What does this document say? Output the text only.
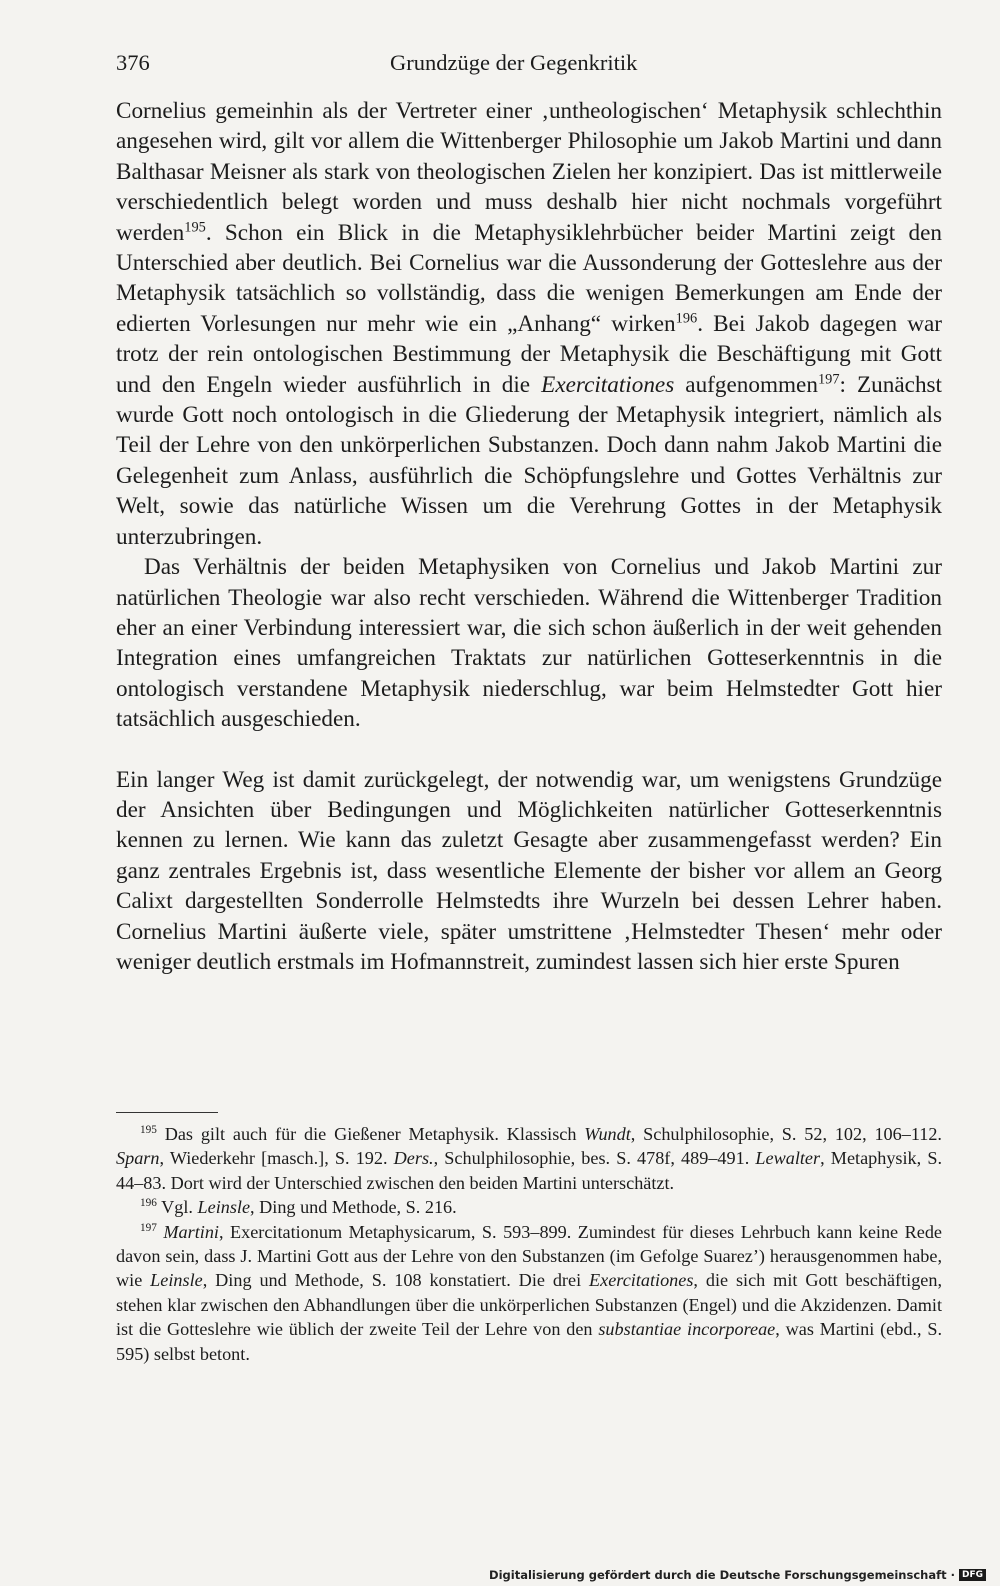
376	Grundzüge der Gegenkritik

Cornelius gemeinhin als der Vertreter einer ‚untheologischen‘ Metaphysik schlechthin angesehen wird, gilt vor allem die Wittenberger Philosophie um Jakob Martini und dann Balthasar Meisner als stark von theologischen Zielen her konzipiert. Das ist mittlerweile verschiedentlich belegt worden und muss deshalb hier nicht nochmals vorgeführt werden$^{195}$. Schon ein Blick in die Metaphysiklehrbücher beider Martini zeigt den Unterschied aber deutlich. Bei Cornelius war die Aussonderung der Gotteslehre aus der Metaphysik tatsächlich so vollständig, dass die wenigen Bemerkungen am Ende der edierten Vorlesungen nur mehr wie ein „Anhang“ wirken$^{196}$. Bei Jakob dagegen war trotz der rein ontologischen Bestimmung der Metaphysik die Beschäftigung mit Gott und den Engeln wieder ausführlich in die Exercitationes aufgenommen$^{197}$: Zunächst wurde Gott noch ontologisch in die Gliederung der Metaphysik integriert, nämlich als Teil der Lehre von den unkörperlichen Substanzen. Doch dann nahm Jakob Martini die Gelegenheit zum Anlass, ausführlich die Schöpfungslehre und Gottes Verhältnis zur Welt, sowie das natürliche Wissen um die Verehrung Gottes in der Metaphysik unterzubringen.

Das Verhältnis der beiden Metaphysiken von Cornelius und Jakob Martini zur natürlichen Theologie war also recht verschieden. Während die Wittenberger Tradition eher an einer Verbindung interessiert war, die sich schon äußerlich in der weit gehenden Integration eines umfangreichen Traktats zur natürlichen Gotteserkenntnis in die ontologisch verstandene Metaphysik niederschlug, war beim Helmstedter Gott hier tatsächlich ausgeschieden.

Ein langer Weg ist damit zurückgelegt, der notwendig war, um wenigstens Grundzüge der Ansichten über Bedingungen und Möglichkeiten natürlicher Gotteserkenntnis kennen zu lernen. Wie kann das zuletzt Gesagte aber zusammengefasst werden? Ein ganz zentrales Ergebnis ist, dass wesentliche Elemente der bisher vor allem an Georg Calixt dargestellten Sonderrolle Helmstedts ihre Wurzeln bei dessen Lehrer haben. Cornelius Martini äußerte viele, später umstrittene ‚Helmstedter Thesen‘ mehr oder weniger deutlich erstmals im Hofmannstreit, zumindest lassen sich hier erste Spuren

$^{195}$ Das gilt auch für die Gießener Metaphysik. Klassisch Wundt, Schulphilosophie, S. 52, 102, 106–112. Sparn, Wiederkehr [masch.], S. 192. Ders., Schulphilosophie, bes. S. 478f, 489–491. Lewalter, Metaphysik, S. 44–83. Dort wird der Unterschied zwischen den beiden Martini unterschätzt.

$^{196}$ Vgl. Leinsle, Ding und Methode, S. 216.

$^{197}$ Martini, Exercitationum Metaphysicarum, S. 593–899. Zumindest für dieses Lehrbuch kann keine Rede davon sein, dass J. Martini Gott aus der Lehre von den Substanzen (im Gefolge Suarez’) herausgenommen habe, wie Leinsle, Ding und Methode, S. 108 konstatiert. Die drei Exercitationes, die sich mit Gott beschäftigen, stehen klar zwischen den Abhandlungen über die unkörperlichen Substanzen (Engel) und die Akzidenzen. Damit ist die Gotteslehre wie üblich der zweite Teil der Lehre von den substantiae incorporeae, was Martini (ebd., S. 595) selbst betont.

Digitalisierung gefördert durch die Deutsche Forschungsgemeinschaft · DFG
